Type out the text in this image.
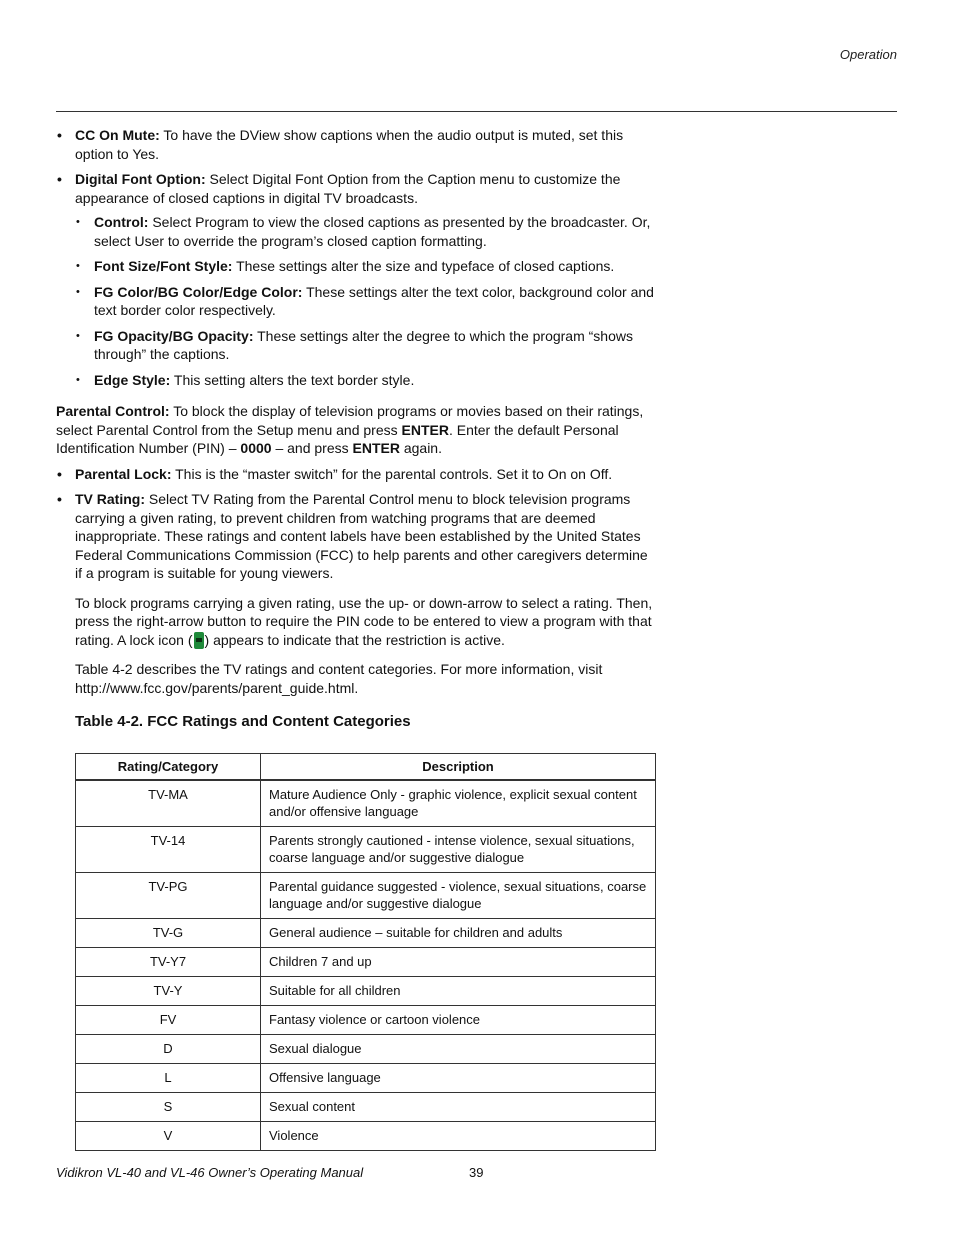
Operation
• CC On Mute: To have the DView show captions when the audio output is muted, set this option to Yes.
• Digital Font Option: Select Digital Font Option from the Caption menu to customize the appearance of closed captions in digital TV broadcasts.
• Control: Select Program to view the closed captions as presented by the broadcaster. Or, select User to override the program’s closed caption formatting.
• Font Size/Font Style: These settings alter the size and typeface of closed captions.
• FG Color/BG Color/Edge Color: These settings alter the text color, background color and text border color respectively.
• FG Opacity/BG Opacity: These settings alter the degree to which the program “shows through” the captions.
• Edge Style: This setting alters the text border style.

Parental Control: To block the display of television programs or movies based on their ratings, select Parental Control from the Setup menu and press ENTER. Enter the default Personal Identification Number (PIN) – 0000 – and press ENTER again.

• Parental Lock: This is the “master switch” for the parental controls. Set it to On on Off.
• TV Rating: Select TV Rating from the Parental Control menu to block television programs carrying a given rating, to prevent children from watching programs that are deemed inappropriate. These ratings and content labels have been established by the United States Federal Communications Commission (FCC) to help parents and other caregivers determine if a program is suitable for young viewers.

To block programs carrying a given rating, use the up- or down-arrow to select a rating. Then, press the right-arrow button to require the PIN code to be entered to view a program with that rating. A lock icon ( ) appears to indicate that the restriction is active.

Table 4-2 describes the TV ratings and content categories. For more information, visit http://www.fcc.gov/parents/parent_guide.html.

Table 4-2. FCC Ratings and Content Categories
Rating/Category	Description
TV-MA	Mature Audience Only - graphic violence, explicit sexual content and/or offensive language
TV-14	Parents strongly cautioned - intense violence, sexual situations, coarse language and/or suggestive dialogue
TV-PG	Parental guidance suggested - violence, sexual situations, coarse language and/or suggestive dialogue
TV-G	General audience – suitable for children and adults
TV-Y7	Children 7 and up
TV-Y	Suitable for all children
FV	Fantasy violence or cartoon violence
D	Sexual dialogue
L	Offensive language
S	Sexual content
V	Violence
Vidikron VL-40 and VL-46 Owner’s Operating Manual	39
